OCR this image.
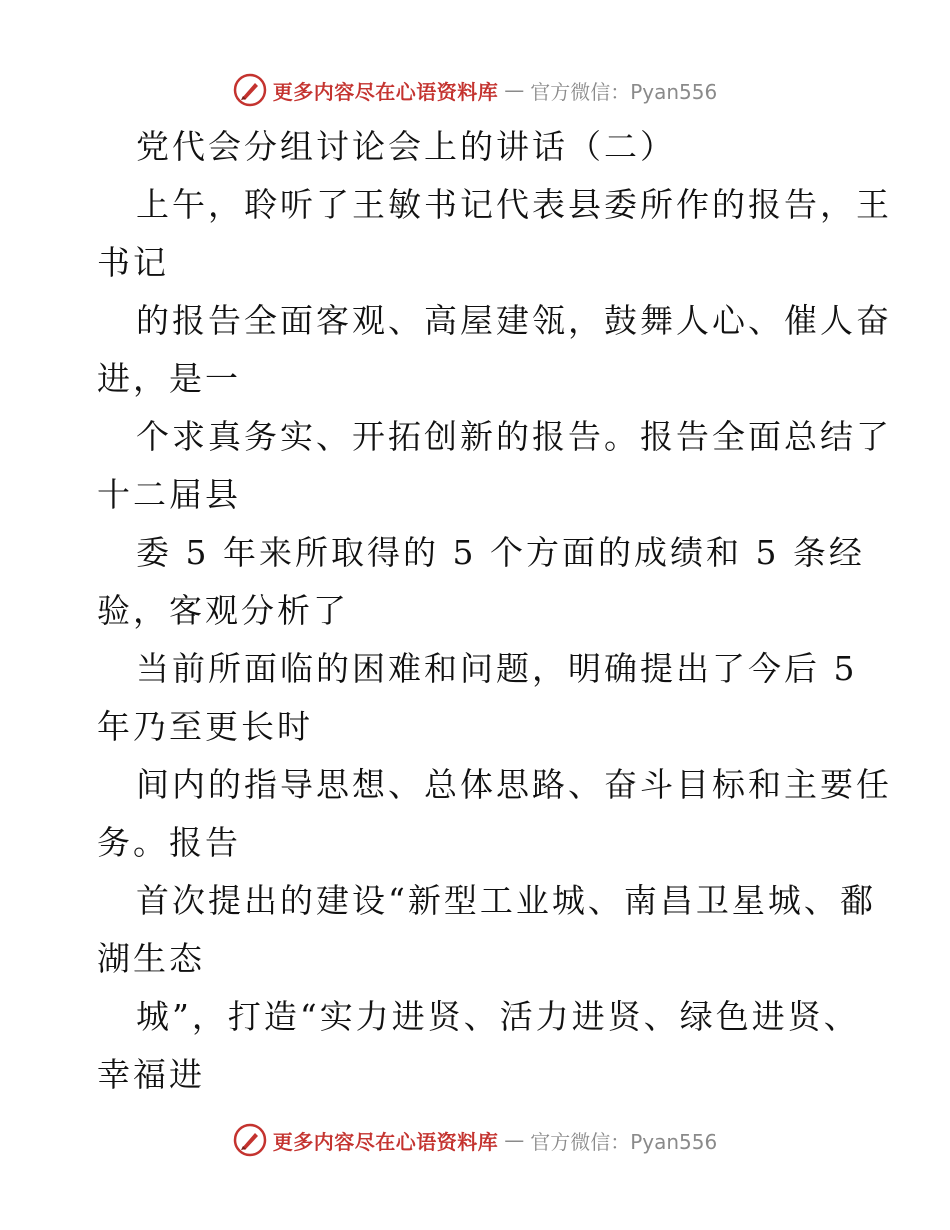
更多内容尽在心语资料库 — 官方微信：Pyan556
党代会分组讨论会上的讲话（二）
上午，聆听了王敏书记代表县委所作的报告，王
书记
的报告全面客观、高屋建瓴，鼓舞人心、催人奋
进，是一
个求真务实、开拓创新的报告。报告全面总结了
十二届县
委 5 年来所取得的 5 个方面的成绩和 5 条经
验，客观分析了
当前所面临的困难和问题，明确提出了今后 5
年乃至更长时
间内的指导思想、总体思路、奋斗目标和主要任
务。报告
首次提出的建设“新型工业城、南昌卫星城、鄱
湖生态
城”，打造“实力进贤、活力进贤、绿色进贤、
幸福进
更多内容尽在心语资料库 — 官方微信：Pyan556
